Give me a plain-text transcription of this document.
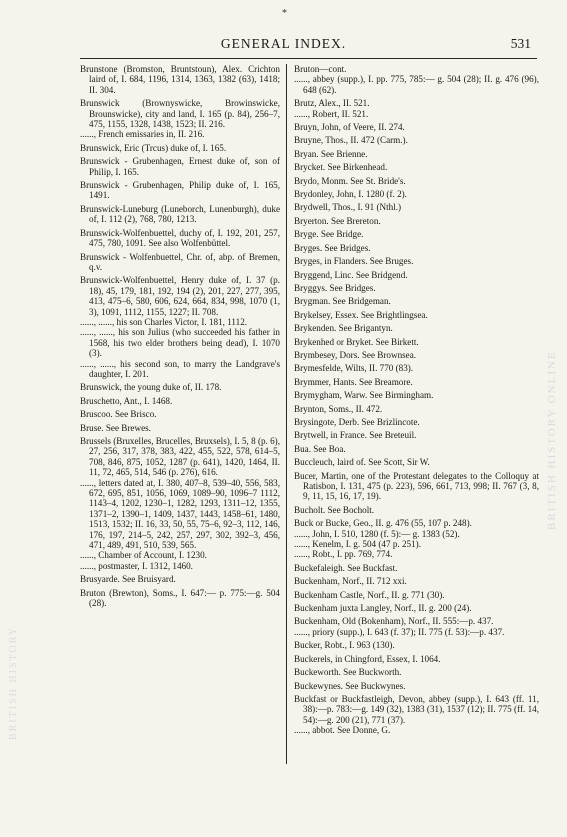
*
GENERAL INDEX.	531
Brunstone (Bromston, Bruntstoun), Alex. Crichton laird of, I. 684, 1196, 1314, 1363, 1382 (63), 1418; II. 304.
Brunswick (Brownyswicke, Browinswicke, Brounswicke), city and land, I. 165 (p. 84), 256–7, 475, 1155, 1328, 1438, 1523; II. 216.
......, French emissaries in, II. 216.
Brunswick, Eric (Trcus) duke of, I. 165.
Brunswick - Grubenhagen, Ernest duke of, son of Philip, I. 165.
Brunswick - Grubenhagen, Philip duke of, I. 165, 1491.
Brunswick-Luneburg (Luneborch, Lunenburgh), duke of, I. 112 (2), 768, 780, 1213.
Brunswick-Wolfenbuettel, duchy of, I. 192, 201, 257, 475, 780, 1091. See also Wolfenbüttel.
Brunswick - Wolfenbuettel, Chr. of, abp. of Bremen, q.v.
Brunswick-Wolfenbuettel, Henry duke of, I. 37 (p. 18), 45, 179, 181, 192, 194 (2), 201, 227, 277, 395, 413, 475–6, 580, 606, 624, 664, 834, 998, 1070 (1, 3), 1091, 1112, 1155, 1227; II. 708.
......, ......, his son Charles Victor, I. 181, 1112.
......, ......, his son Julius (who succeeded his father in 1568, his two elder brothers being dead), I. 1070 (3).
......, ......, his second son, to marry the Landgrave's daughter, I. 201.
Brunswick, the young duke of, II. 178.
Bruschetto, Ant., I. 1468.
Bruscoo. See Brisco.
Bruse. See Brewes.
Brussels (Bruxelles, Brucelles, Bruxsels), I. 5, 8 (p. 6), 27, 256, 317, 378, 383, 422, 455, 522, 578, 614–5, 708, 846, 875, 1052, 1287 (p. 641), 1420, 1464, II. 11, 72, 465, 514, 546 (p. 276), 616.
......, letters dated at, I. 380, 407–8, 539–40, 556, 583, 672, 695, 851, 1056, 1069, 1089–90, 1096–7 1112, 1143–4, 1202, 1230–1, 1282, 1293, 1311–12, 1355, 1371–2, 1390–1, 1409, 1437, 1443, 1458–61, 1480, 1513, 1532; II. 16, 33, 50, 55, 75–6, 92–3, 112, 146, 176, 197, 214–5, 242, 257, 297, 302, 392–3, 456, 471, 489, 491, 510, 539, 565.
......, Chamber of Account, I. 1230.
......, postmaster, I. 1312, 1460.
Brusyarde. See Bruisyard.
Bruton (Brewton), Soms., I. 647:— p. 775:—g. 504 (28).
Bruton—cont.
......, abbey (supp.), I. pp. 775, 785:— g. 504 (28); II. g. 476 (96), 648 (62).
Brutz, Alex., II. 521.
......, Robert, II. 521.
Bruyn, John, of Veere, II. 274.
Bruyne, Thos., II. 472 (Carm.).
Bryan. See Brienne.
Brycket. See Birkenhead.
Brydo, Monm. See St. Bride's.
Brydonley, John, I. 1280 (f. 2).
Brydwell, Thos., I. 91 (Nthl.)
Bryerton. See Brereton.
Bryge. See Bridge.
Bryges. See Bridges.
Bryges, in Flanders. See Bruges.
Bryggend, Linc. See Bridgend.
Bryggys. See Bridges.
Brygman. See Bridgeman.
Brykelsey, Essex. See Brightlingsea.
Brykenden. See Brigantyn.
Brykenhed or Bryket. See Birkett.
Brymbesey, Dors. See Brownsea.
Brymesfelde, Wilts, II. 770 (83).
Brymmer, Hants. See Breamore.
Brymygham, Warw. See Birmingham.
Brynton, Soms., II. 472.
Brysingote, Derb. See Brizlincote.
Brytwell, in France. See Breteuil.
Bua. See Boa.
Buccleuch, laird of. See Scott, Sir W.
Bucer, Martin, one of the Protestant delegates to the Colloquy at Ratisbon, I. 131, 475 (p. 223), 596, 661, 713, 998; II. 767 (3, 8, 9, 11, 15, 16, 17, 19).
Bucholt. See Bocholt.
Buck or Bucke, Geo., II. g. 476 (55, 107 p. 248).
......, John, I. 510, 1280 (f. 5):— g. 1383 (52).
......, Kenelm, I. g. 504 (47 p. 251).
......, Robt., I. pp. 769, 774.
Buckefaleigh. See Buckfast.
Buckenham, Norf., II. 712 xxi.
Buckenham Castle, Norf., II. g. 771 (30).
Buckenham juxta Langley, Norf., II. g. 200 (24).
Buckenham, Old (Bokenham), Norf., II. 555:—p. 437.
......, priory (supp.), I. 643 (f. 37); II. 775 (f. 53):—p. 437.
Bucker, Robt., I. 963 (130).
Buckerels, in Chingford, Essex, I. 1064.
Buckeworth. See Buckworth.
Buckewynes. See Buckwynes.
Buckfast or Buckfastleigh, Devon, abbey (supp.), I. 643 (ff. 11, 38):—p. 783:—g. 149 (32), 1383 (31), 1537 (12); II. 775 (ff. 14, 54):—g. 200 (21), 771 (37).
......, abbot. See Donne, G.
BRITISH HISTORY ONLINE
BRITISH HISTORY
